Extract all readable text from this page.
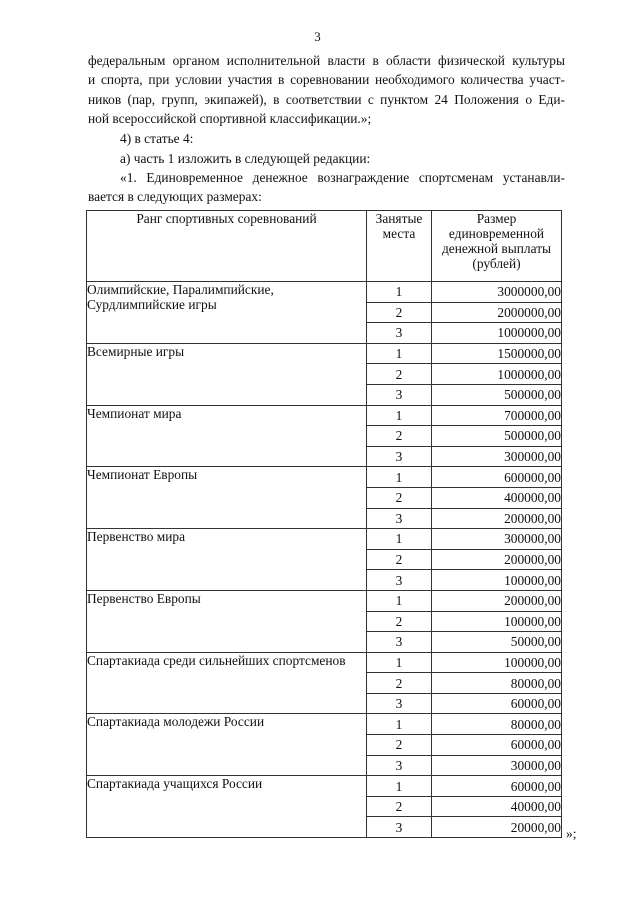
3
федеральным органом исполнительной власти в области физической культуры
и спорта, при условии участия в соревновании необходимого количества участ-
ников (пар, групп, экипажей), в соответствии с пунктом 24 Положения о Еди-
ной всероссийской спортивной классификации.»;
4) в статье 4:
а) часть 1 изложить в следующей редакции:
«1. Единовременное денежное вознаграждение спортсменам устанавли-
вается в следующих размерах:
Ранг спортивных соревнований	Занятые места	Размер единовременной денежной выплаты (рублей)
Олимпийские, Паралимпийские, Сурдлимпийские игры	1	3000000,00
	2	2000000,00
	3	1000000,00
Всемирные игры	1	1500000,00
	2	1000000,00
	3	500000,00
Чемпионат мира	1	700000,00
	2	500000,00
	3	300000,00
Чемпионат Европы	1	600000,00
	2	400000,00
	3	200000,00
Первенство мира	1	300000,00
	2	200000,00
	3	100000,00
Первенство Европы	1	200000,00
	2	100000,00
	3	50000,00
Спартакиада среди сильнейших спортсменов	1	100000,00
	2	80000,00
	3	60000,00
Спартакиада молодежи России	1	80000,00
	2	60000,00
	3	30000,00
Спартакиада учащихся России	1	60000,00
	2	40000,00
	3	20000,00 »;
